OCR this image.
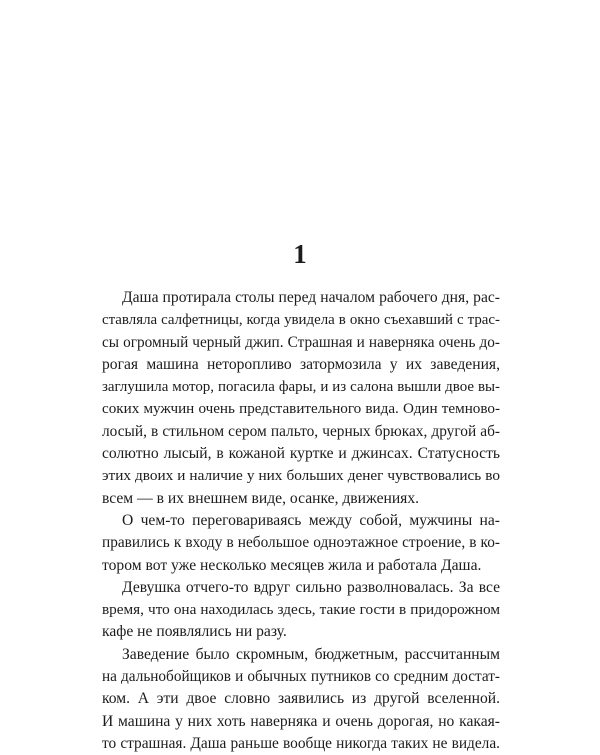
1

Даша протирала столы перед началом рабочего дня, рас-
ставляла салфетницы, когда увидела в окно съехавший с трас-
сы огромный черный джип. Страшная и наверняка очень до-
рогая машина неторопливо затормозила у их заведения,
заглушила мотор, погасила фары, и из салона вышли двое вы-
соких мужчин очень представительного вида. Один темново-
лосый, в стильном сером пальто, черных брюках, другой аб-
солютно лысый, в кожаной куртке и джинсах. Статусность
этих двоих и наличие у них больших денег чувствовались во
всем — в их внешнем виде, осанке, движениях.

О чем-то переговариваясь между собой, мужчины на-
правились к входу в небольшое одноэтажное строение, в ко-
тором вот уже несколько месяцев жила и работала Даша.

Девушка отчего-то вдруг сильно разволновалась. За все
время, что она находилась здесь, такие гости в придорожном
кафе не появлялись ни разу.

Заведение было скромным, бюджетным, рассчитанным
на дальнобойщиков и обычных путников со средним достат-
ком. А эти двое словно заявились из другой вселенной.
И машина у них хоть наверняка и очень дорогая, но какая-
то страшная. Даша раньше вообще никогда таких не видела.
